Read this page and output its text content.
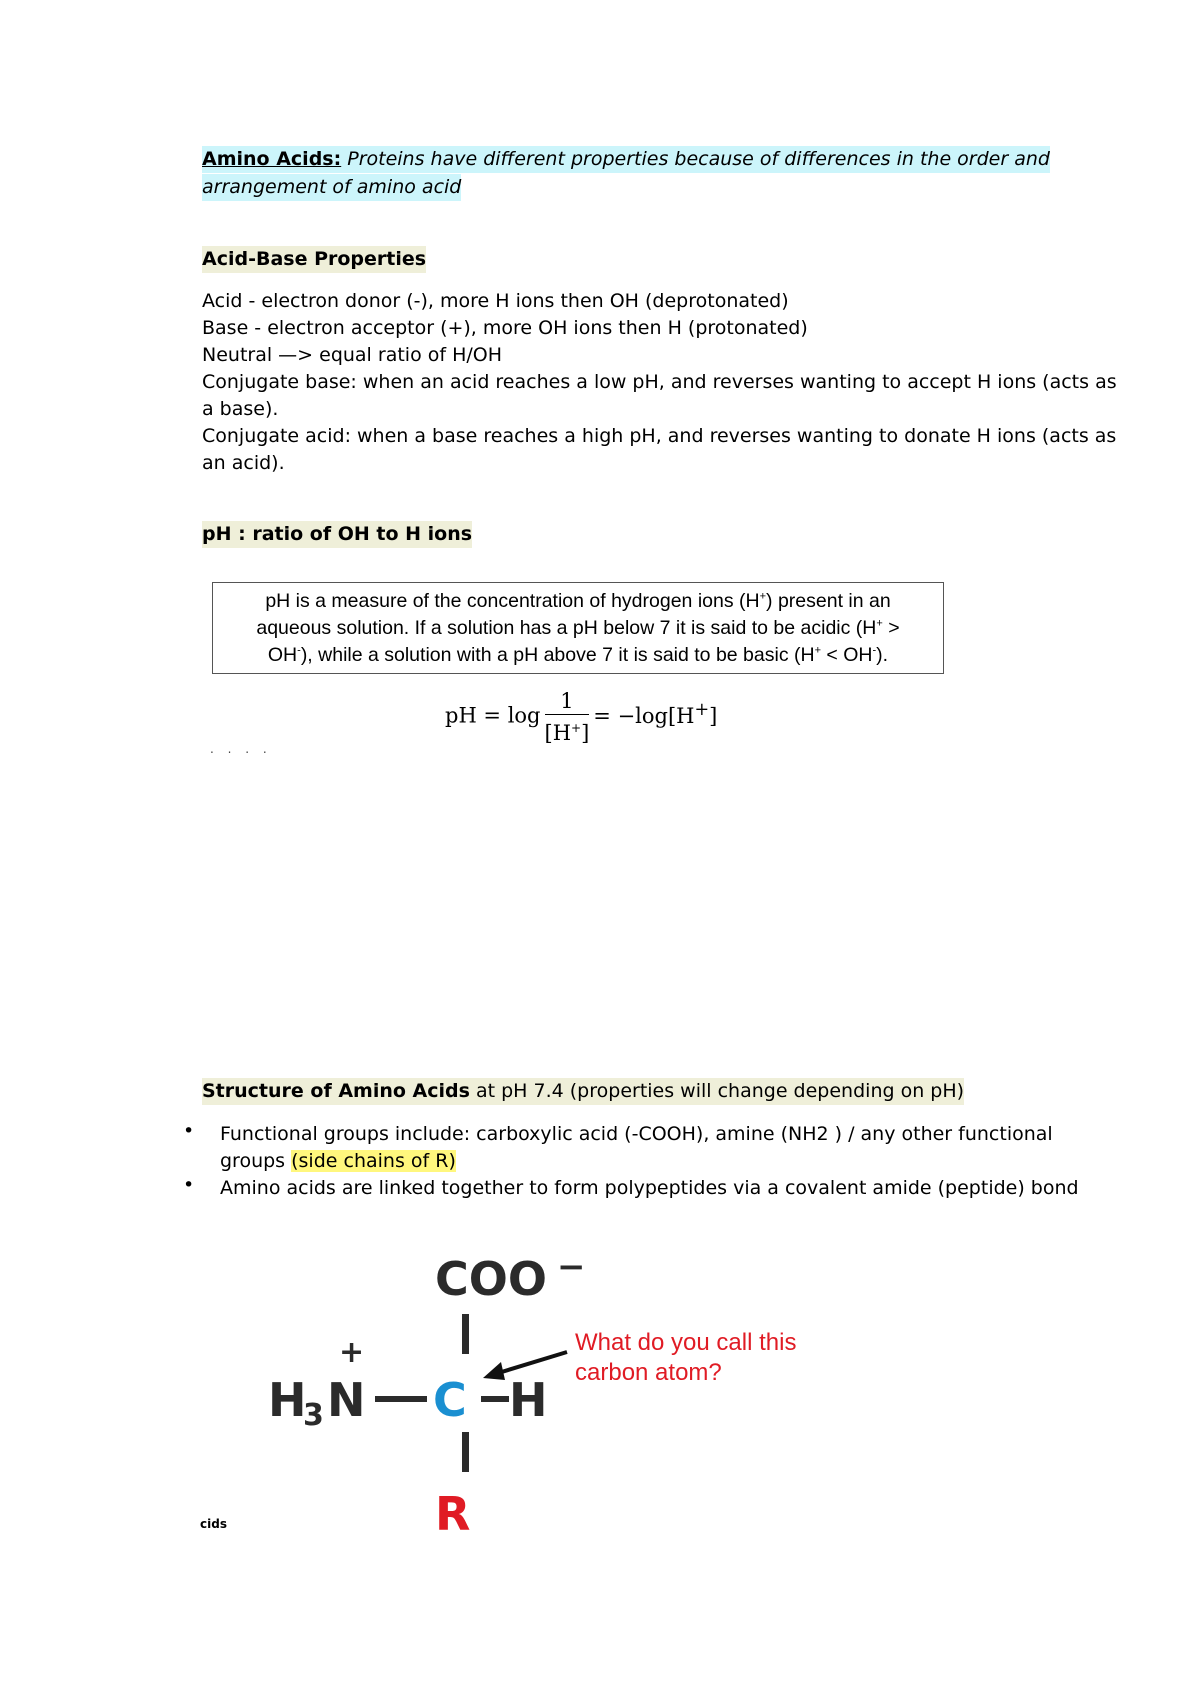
Amino Acids: Proteins have different properties because of differences in the order and
arrangement of amino acid
Acid-Base Properties
Acid - electron donor (-), more H ions then OH (deprotonated)
Base - electron acceptor (+), more OH ions then H (protonated)
Neutral —> equal ratio of H/OH
Conjugate base: when an acid reaches a low pH, and reverses wanting to accept H ions (acts as
a base).
Conjugate acid: when a base reaches a high pH, and reverses wanting to donate H ions (acts as
an acid).
pH : ratio of OH to H ions
pH is a measure of the concentration of hydrogen ions (H+) present in an
aqueous solution. If a solution has a pH below 7 it is said to be acidic (H+ >
OH-), while a solution with a pH above 7 it is said to be basic (H+ < OH-).
pH = $\log \frac{1}{[H^+]} = -\log[H^+]$
. . . .
Structure of Amino Acids at pH 7.4 (properties will change depending on pH)
• Functional groups include: carboxylic acid (-COOH), amine (NH2 ) / any other functional
groups (side chains of R)
• Amino acids are linked together to form polypeptides via a covalent amide (peptide) bond
COO −
H
3 N
+
C H
R
What do you call this
carbon atom?
cids
